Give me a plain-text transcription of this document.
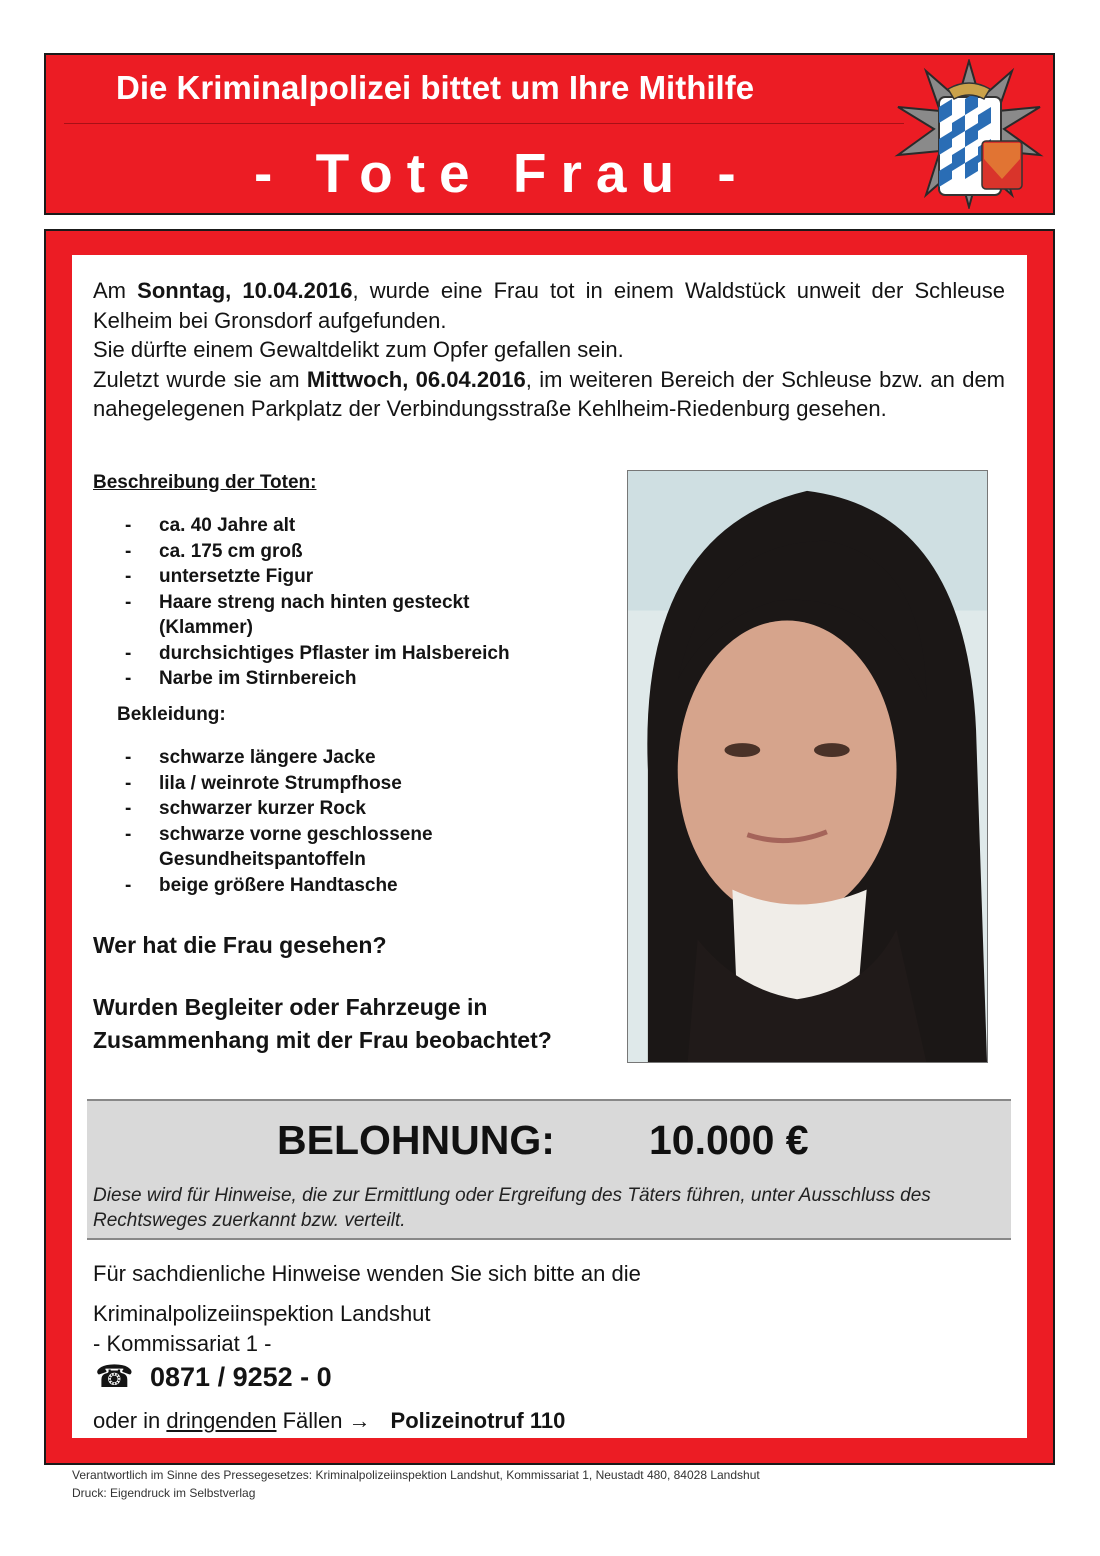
Die Kriminalpolizei bittet um Ihre Mithilfe
- Tote Frau -

Am Sonntag, 10.04.2016, wurde eine Frau tot in einem Waldstück unweit der Schleuse Kelheim bei Gronsdorf aufgefunden.

Sie dürfte einem Gewaltdelikt zum Opfer gefallen sein.

Zuletzt wurde sie am Mittwoch, 06.04.2016, im weiteren Bereich der Schleuse bzw. an dem nahegelegenen Parkplatz der Verbindungsstraße Kehlheim-Riedenburg gesehen.

Beschreibung der Toten:
- ca. 40 Jahre alt
- ca. 175 cm groß
- untersetzte Figur
- Haare streng nach hinten gesteckt (Klammer)
- durchsichtiges Pflaster im Halsbereich
- Narbe im Stirnbereich
Bekleidung:
- schwarze längere Jacke
- lila / weinrote Strumpfhose
- schwarzer kurzer Rock
- schwarze vorne geschlossene Gesundheitspantoffeln
- beige größere Handtasche
Wer hat die Frau gesehen?
Wurden Begleiter oder Fahrzeuge in Zusammenhang mit der Frau beobachtet?
BELOHNUNG: 10.000 €
Diese wird für Hinweise, die zur Ermittlung oder Ergreifung des Täters führen, unter Ausschluss des Rechtsweges zuerkannt bzw. verteilt.
Für sachdienliche Hinweise wenden Sie sich bitte an die
Kriminalpolizeiinspektion Landshut
- Kommissariat 1 -
☎ 0871 / 9252 - 0
oder in dringenden Fällen → Polizeinotruf 110
Verantwortlich im Sinne des Pressegesetzes: Kriminalpolizeiinspektion Landshut, Kommissariat 1, Neustadt 480, 84028 Landshut
Druck: Eigendruck im Selbstverlag
